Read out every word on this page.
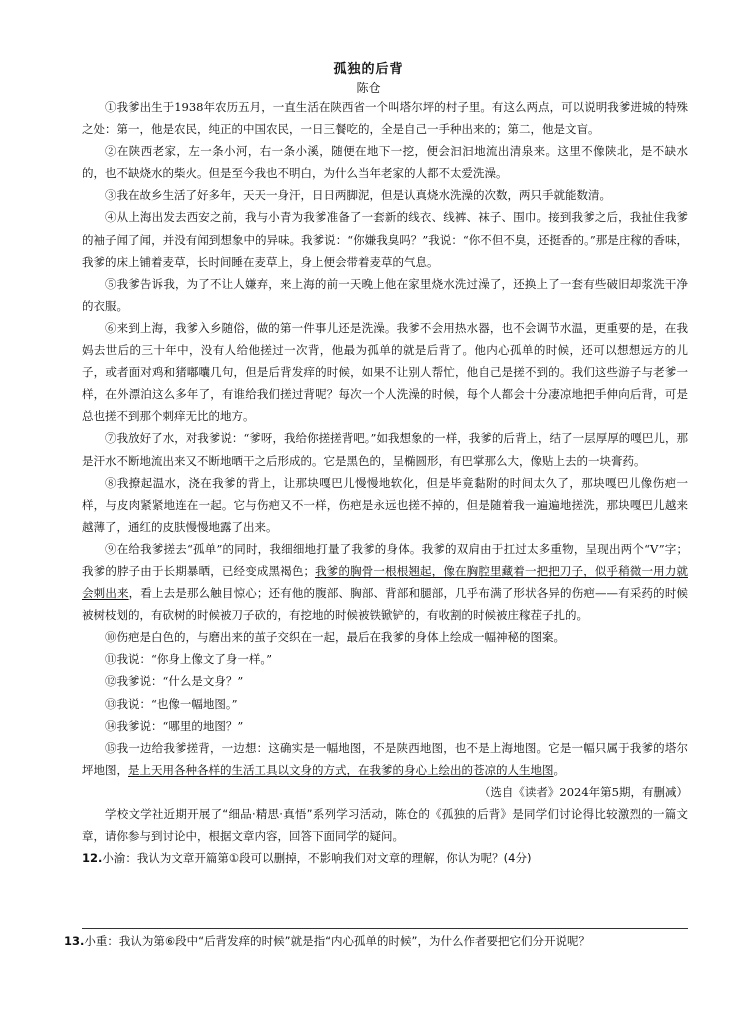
孤独的后背
陈仓

①我爹出生于1938年农历五月，一直生活在陕西省一个叫塔尔坪的村子里。有这么两点，可以说明我爹进城的特殊之处：第一，他是农民，纯正的中国农民，一日三餐吃的，全是自己一手种出来的；第二，他是文盲。

②在陕西老家，左一条小河，右一条小溪，随便在地下一挖，便会汩汩地流出清泉来。这里不像陕北，是不缺水的，也不缺烧水的柴火。但是至今我也不明白，为什么当年老家的人都不太爱洗澡。

③我在故乡生活了好多年，天天一身汗，日日两脚泥，但是认真烧水洗澡的次数，两只手就能数清。

④从上海出发去西安之前，我与小青为我爹准备了一套新的线衣、线裤、袜子、围巾。接到我爹之后，我扯住我爹的袖子闻了闻，并没有闻到想象中的异味。我爹说：“你嫌我臭吗？”我说：“你不但不臭，还挺香的。”那是庄稼的香味，我爹的床上铺着麦草，长时间睡在麦草上，身上便会带着麦草的气息。

⑤我爹告诉我，为了不让人嫌弃，来上海的前一天晚上他在家里烧水洗过澡了，还换上了一套有些破旧却浆洗干净的衣服。

⑥来到上海，我爹入乡随俗，做的第一件事儿还是洗澡。我爹不会用热水器，也不会调节水温，更重要的是，在我妈去世后的三十年中，没有人给他搓过一次背，他最为孤单的就是后背了。他内心孤单的时候，还可以想想远方的儿子，或者面对鸡和猪嘟囔几句，但是后背发痒的时候，如果不让别人帮忙，他自己是搓不到的。我们这些游子与老爹一样，在外漂泊这么多年了，有谁给我们搓过背呢？每次一个人洗澡的时候，每个人都会十分凄凉地把手伸向后背，可是总也搓不到那个刺痒无比的地方。

⑦我放好了水，对我爹说：“爹呀，我给你搓搓背吧。”如我想象的一样，我爹的后背上，结了一层厚厚的嘎巴儿，那是汗水不断地流出来又不断地晒干之后形成的。它是黑色的，呈椭圆形，有巴掌那么大，像贴上去的一块膏药。

⑧我撩起温水，浇在我爹的背上，让那块嘎巴儿慢慢地软化，但是毕竟黏附的时间太久了，那块嘎巴儿像伤疤一样，与皮肉紧紧地连在一起。它与伤疤又不一样，伤疤是永远也搓不掉的，但是随着我一遍遍地搓洗，那块嘎巴儿越来越薄了，通红的皮肤慢慢地露了出来。

⑨在给我爹搓去“孤单”的同时，我细细地打量了我爹的身体。我爹的双肩由于扛过太多重物，呈现出两个“V”字；我爹的脖子由于长期暴晒，已经变成黑褐色；我爹的胸骨一根根翘起，像在胸腔里藏着一把把刀子，似乎稍微一用力就会刺出来，看上去是那么触目惊心；还有他的腹部、胸部、背部和腿部，几乎布满了形状各异的伤疤——有采药的时候被树枝划的，有砍树的时候被刀子砍的，有挖地的时候被铁锨铲的，有收割的时候被庄稼茬子扎的。

⑩伤疤是白色的，与磨出来的茧子交织在一起，最后在我爹的身体上绘成一幅神秘的图案。

⑪我说：“你身上像文了身一样。”

⑫我爹说：“什么是文身？”

⑬我说：“也像一幅地图。”

⑭我爹说：“哪里的地图？”

⑮我一边给我爹搓背，一边想：这确实是一幅地图，不是陕西地图，也不是上海地图。它是一幅只属于我爹的塔尔坪地图，是上天用各种各样的生活工具以文身的方式，在我爹的身心上绘出的苍凉的人生地图。

（选自《读者》2024年第5期，有删减）

学校文学社近期开展了“细品·精思·真悟”系列学习活动，陈仓的《孤独的后背》是同学们讨论得比较激烈的一篇文章，请你参与到讨论中，根据文章内容，回答下面同学的疑问。

12.小渝：我认为文章开篇第①段可以删掉，不影响我们对文章的理解，你认为呢？(4分)

13.小重：我认为第⑥段中“后背发痒的时候”就是指“内心孤单的时候”，为什么作者要把它们分开说呢？
